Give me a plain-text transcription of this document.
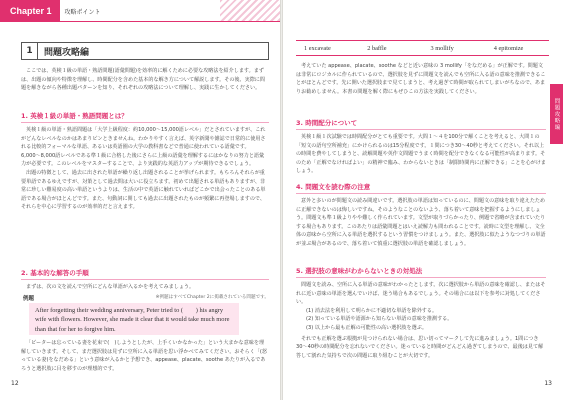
Chapter 1	攻略ポイント
1	問題攻略編

ここでは、英検１級の単語・熟語問題(語彙問題)を効率的に解くために必要な攻略法を紹介します。まずは、出題の傾向や特徴を理解し、時間配分を含めた基本的な解き方について解説します。その後、実際に問題を解きながら各種出題パターンを知り、それぞれの攻略法について理解し、実践に生かしてください。

1. 英検１級の単語・熟語問題とは？

英検１級の単語・熟語問題は「大学上級程度：約10,000〜15,000語レベル」だとされていますが、これがどんなレベルなのかはあまりピンときませんね。わかりやすく言えば、英字新聞や雑誌で日常的に使用される比較的フォーマルな単語、あるいは英語圏の大学の教科書などで普通に使われている語彙です。6,000〜8,000語レベルである準１級に合格した後にさらに上級の語彙を理解するにはかなりの努力と語彙力が必要です。このレベルをマスターすることで、より実践的な英語力アップが期待できるでしょう。

出題の特徴として、過去に出された単語が繰り返し出題されることが挙げられます。もちろんそれらが重要単語であるゆえですが、対策として過去問は大いに役立ちます。初めて出題される単語もありますが、非常に珍しい難易度の高い単語というよりは、生活の中で英語に触れていればどこかで出会ったことのある単語である場合がほとんどです。また、句動詞に関しても過去に出題されたものが頻繁に再登場しますので、それらを中心に学習するのが効率的だと言えます。

2. 基本的な解答の手順

まずは、次の文を読んで空所にどんな単語が入るかを考えてみましょう。

例題	※例題はすべてChapter 2に掲載されている問題です。
After forgetting their wedding anniversary, Peter tried to (　　) his angry wife with flowers. However, she made it clear that it would take much more than that for her to forgive him.

「ピーターは忘っている妻を花束で(　)しようとしたが、上手くいかなかった」という大まかな意味を理解していきます。そして、まだ選択肢は見ずに空所に入る単語を思い浮かべてみてください。おそらく「(怒っている妻)をなだめる」という意味が入るかと予想でき、appease、placate、soothe あたりが入るであろうと選択肢に目を移すのが理想的です。

12
1 excavate	2 baffle	3 mollify	4 epitomize
問題攻略編

考えていた appease、placate、soothe などと近い意味の 3 mollify「をなだめる」が正解です。問題文は非常にロジカルに作られているので、選択肢を見ずに問題文を読んでも空所に入る語の意味を推測できることがほとんどです。先に開いた選択肢まで見てしまうと、考え過ぎて時間が取られてしまいがちなので、あまりお勧めしません。本書の問題を解く際にもぜひこの方法を実践してください。

3. 時間配分について

英検１級１次試験では時間配分がとても重要です。大問１〜４を100分で解くことを考えると、大問１の「短文の語句空所補充」にかけられるのは15分程度です。１問につき30〜40秒と考えてください。それ以上の時間を費やしてしまうと、読解問題や英作文問題でうまく時間を配分できなくなる可能性が高まります。そのため「正解でなければよい」の精神で臨み、わからないときは「制限時間内に正解できる」ことを心がけましょう。

4. 問題文を読む際の注意

意外と多いのが問題文の読み間違いです。選択肢の単語は知っているのに、問題文の意味を取り違えたために正解できないのは悔しいですね。そのようなことのないよう、落ち着いて意味を把握するようにしましょう。問題文も準１級よりやや難しく作られています。文型が取りづらかったり、例題で省略が含まれていたりする場合もあります。このあたりは語彙問題とはいえ読解力も問われることです。読時に文型を理解し、文全体の意味から空所に入る単語を選択するという習慣をつけましょう。また、選択肢に似たようなつづりの単語が並ぶ場合があるので、落ち着いて慎重に選択肢の単語を確認しましょう。

5. 選択肢の意味がわからないときの対処法

問題文を読み、空所に入る単語の意味がわかったとします。次に選択肢から単語の意味を確認し、またはそれに近い意味の単語を選んでいけば、迷う場合もあるでしょう。その場合には以下を参考に対処してください。

(1) 消去法を利用して明らかに不適切な単語を除外する。

(2) 知っている単語や語源から知らない単語の意味を推測する。

(3) 以上から最も正解の可能性の高い選択肢を選ぶ。

それでも正解を選ぶ根拠が見つけられない場合は、思い切ってマークして先に進みましょう。1問につき30〜40秒の時間配分を忘れないでください。迷っていると時間がどんどん過ぎてしまうので、最後は見て解答して割れた気持ちで次の問題に取り組むことが大切です。

13
